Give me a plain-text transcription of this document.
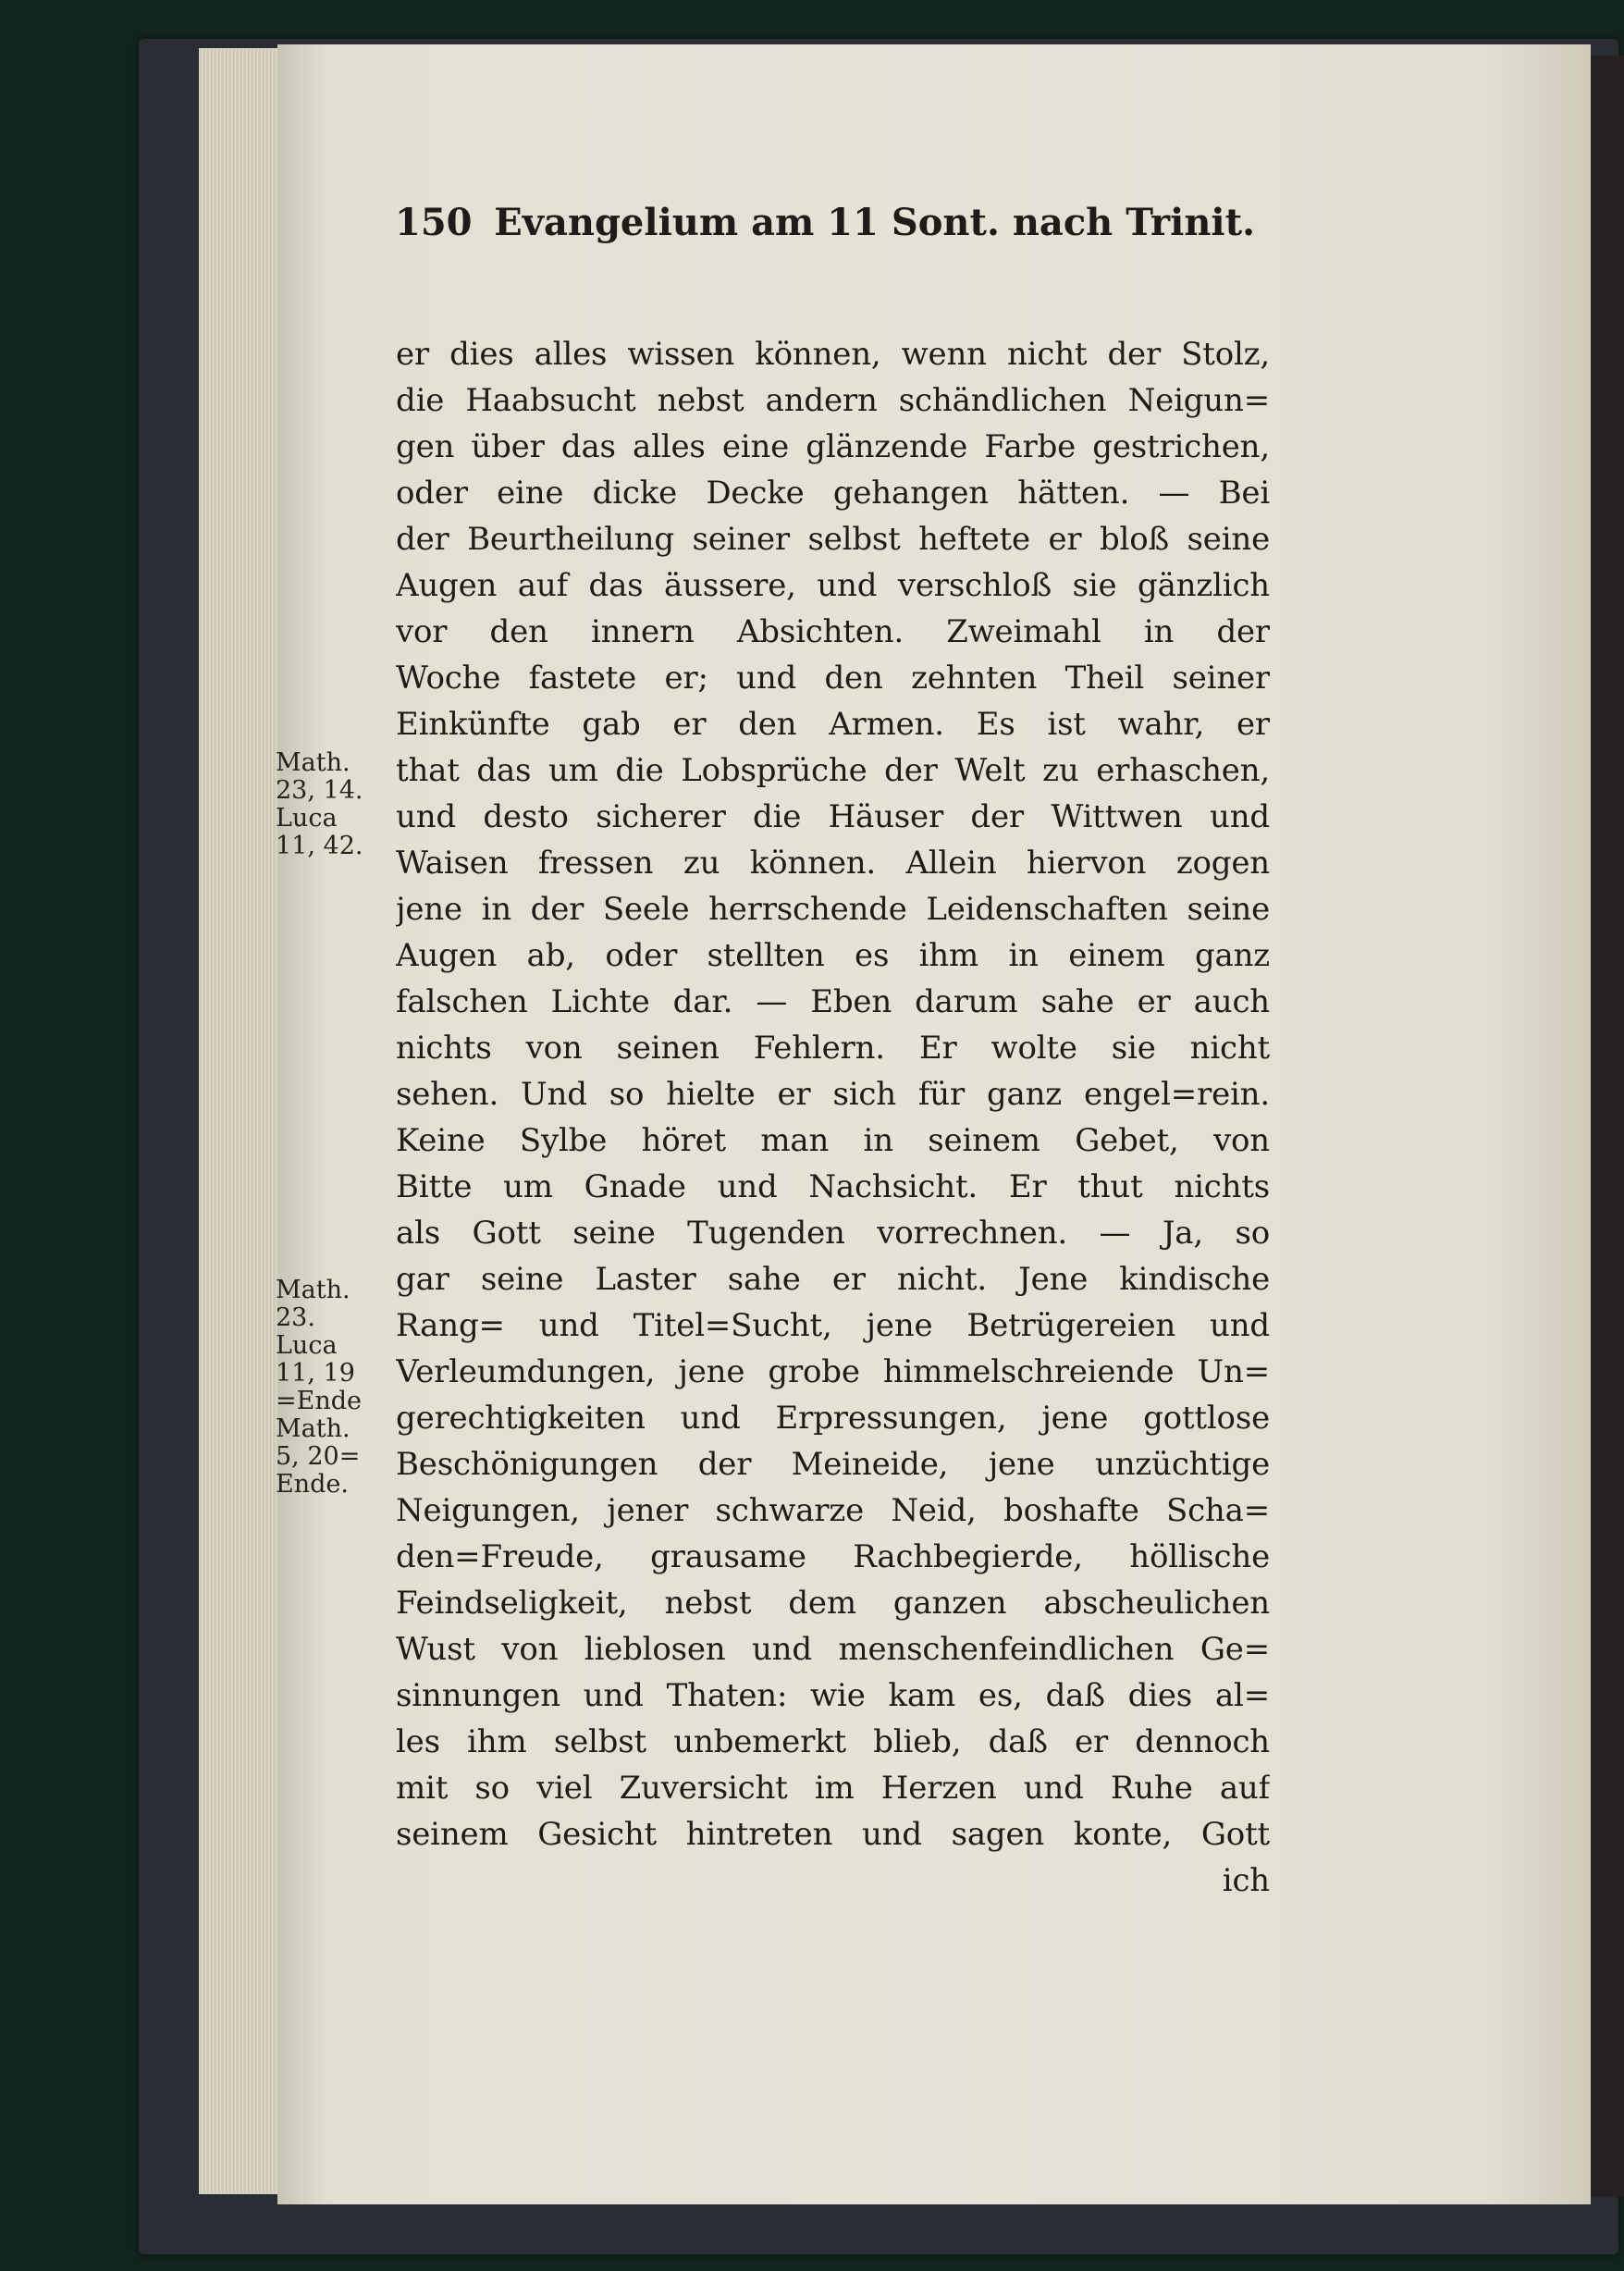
150 Evangelium am 11 Sont. nach Trinit.
er dies alles wissen können, wenn nicht der Stolz,
die Haabsucht nebst andern schändlichen Neigun=
gen über das alles eine glänzende Farbe gestrichen,
oder eine dicke Decke gehangen hätten. — Bei
der Beurtheilung seiner selbst heftete er bloß seine
Augen auf das äussere, und verschloß sie gänzlich
vor den innern Absichten. Zweimahl in der
Woche fastete er; und den zehnten Theil seiner
Einkünfte gab er den Armen. Es ist wahr, er
that das um die Lobsprüche der Welt zu erhaschen,
und desto sicherer die Häuser der Wittwen und
Waisen fressen zu können. Allein hiervon zogen
jene in der Seele herrschende Leidenschaften seine
Augen ab, oder stellten es ihm in einem ganz
falschen Lichte dar. — Eben darum sahe er auch
nichts von seinen Fehlern. Er wolte sie nicht
sehen. Und so hielte er sich für ganz engel=rein.
Keine Sylbe höret man in seinem Gebet, von
Bitte um Gnade und Nachsicht. Er thut nichts
als Gott seine Tugenden vorrechnen. — Ja, so
gar seine Laster sahe er nicht. Jene kindische
Rang= und Titel=Sucht, jene Betrügereien und
Verleumdungen, jene grobe himmelschreiende Un=
gerechtigkeiten und Erpressungen, jene gottlose
Beschönigungen der Meineide, jene unzüchtige
Neigungen, jener schwarze Neid, boshafte Scha=
den=Freude, grausame Rachbegierde, höllische
Feindseligkeit, nebst dem ganzen abscheulichen
Wust von lieblosen und menschenfeindlichen Ge=
sinnungen und Thaten: wie kam es, daß dies al=
les ihm selbst unbemerkt blieb, daß er dennoch
mit so viel Zuversicht im Herzen und Ruhe auf
seinem Gesicht hintreten und sagen konte, Gott
ich
Math.
23, 14.
Luca
11, 42.
Math.
23.
Luca
11, 19
=Ende
Math.
5, 20=
Ende.
